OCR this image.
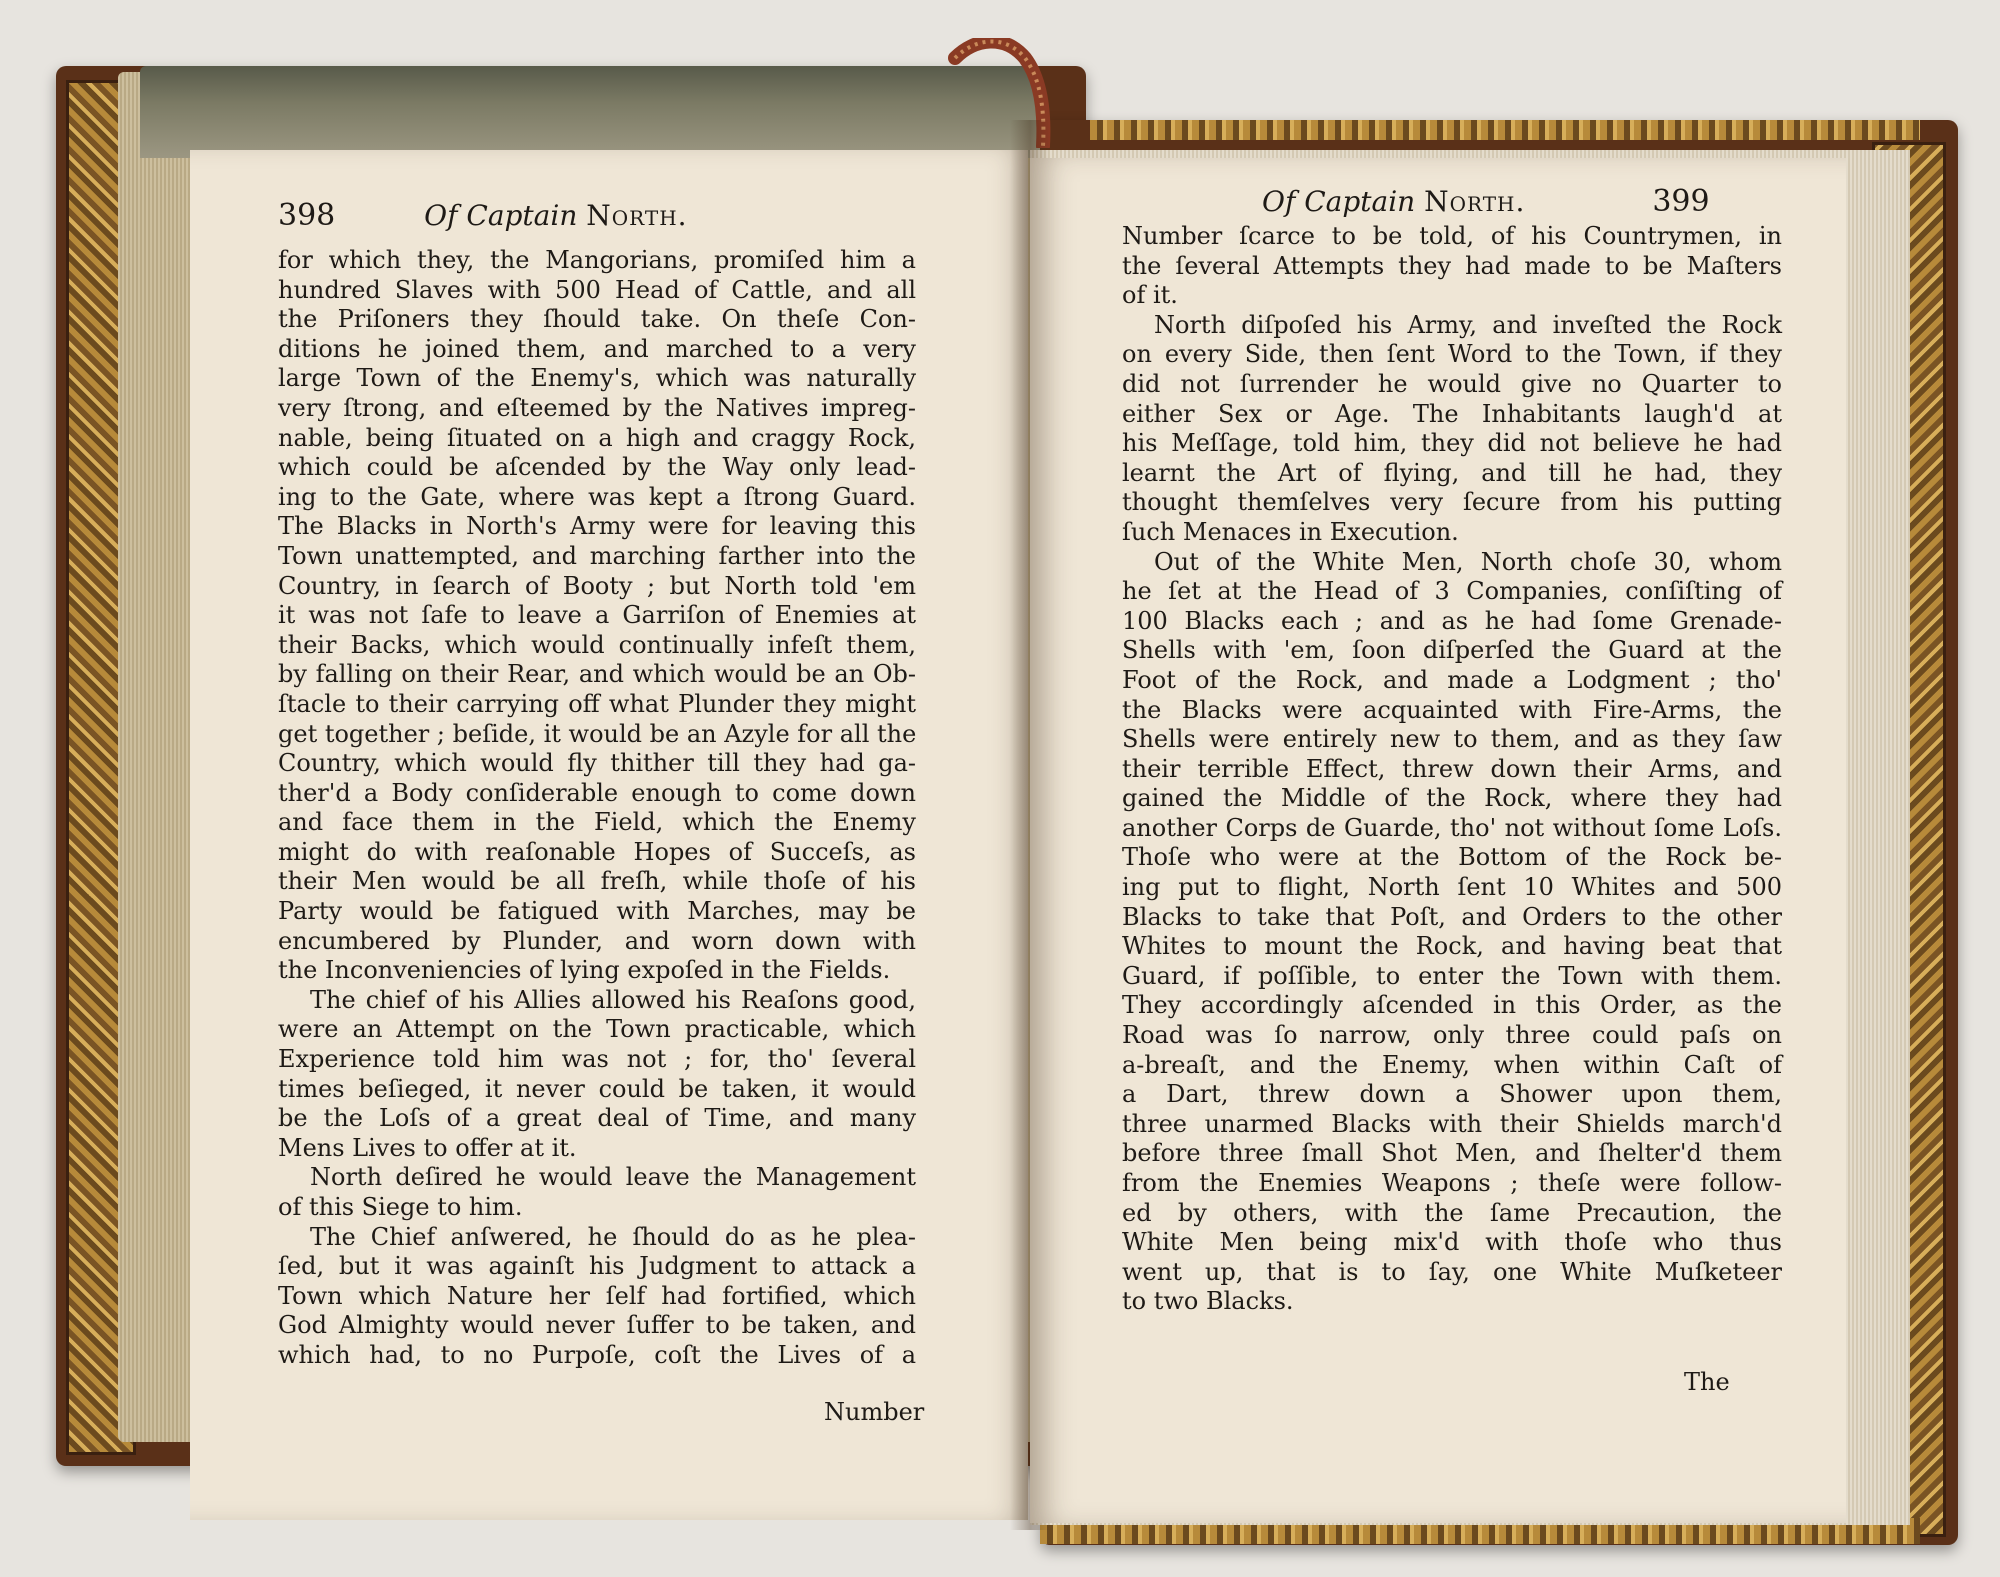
398	Of Captain North.
for which they, the Mangorians, promiſed him a
hundred Slaves with 500 Head of Cattle, and all
the Priſoners they ſhould take. On theſe Con-
ditions he joined them, and marched to a very
large Town of the Enemy's, which was naturally
very ſtrong, and eſteemed by the Natives impreg-
nable, being ſituated on a high and craggy Rock,
which could be aſcended by the Way only lead-
ing to the Gate, where was kept a ſtrong Guard.
The Blacks in North's Army were for leaving this
Town unattempted, and marching farther into the
Country, in ſearch of Booty ; but North told 'em
it was not ſafe to leave a Garriſon of Enemies at
their Backs, which would continually infeſt them,
by falling on their Rear, and which would be an Ob-
ſtacle to their carrying off what Plunder they might
get together ; beſide, it would be an Azyle for all the
Country, which would fly thither till they had ga-
ther'd a Body conſiderable enough to come down
and face them in the Field, which the Enemy
might do with reaſonable Hopes of Succeſs, as
their Men would be all freſh, while thoſe of his
Party would be fatigued with Marches, may be
encumbered by Plunder, and worn down with
the Inconveniencies of lying expoſed in the Fields.
The chief of his Allies allowed his Reaſons good,
were an Attempt on the Town practicable, which
Experience told him was not ; for, tho' ſeveral
times beſieged, it never could be taken, it would
be the Loſs of a great deal of Time, and many
Mens Lives to offer at it.
North deſired he would leave the Management
of this Siege to him.
The Chief anſwered, he ſhould do as he plea-
ſed, but it was againſt his Judgment to attack a
Town which Nature her ſelf had fortified, which
God Almighty would never ſuffer to be taken, and
which had, to no Purpoſe, coſt the Lives of a
Number
Of Captain North.	399
Number ſcarce to be told, of his Countrymen, in
the ſeveral Attempts they had made to be Maſters
of it.
North diſpoſed his Army, and inveſted the Rock
on every Side, then ſent Word to the Town, if they
did not ſurrender he would give no Quarter to
either Sex or Age. The Inhabitants laugh'd at
his Meſſage, told him, they did not believe he had
learnt the Art of flying, and till he had, they
thought themſelves very ſecure from his putting
ſuch Menaces in Execution.
Out of the White Men, North choſe 30, whom
he ſet at the Head of 3 Companies, conſiſting of
100 Blacks each ; and as he had ſome Grenade-
Shells with 'em, ſoon diſperſed the Guard at the
Foot of the Rock, and made a Lodgment ; tho'
the Blacks were acquainted with Fire-Arms, the
Shells were entirely new to them, and as they ſaw
their terrible Effect, threw down their Arms, and
gained the Middle of the Rock, where they had
another Corps de Guarde, tho' not without ſome Loſs.
Thoſe who were at the Bottom of the Rock be-
ing put to flight, North ſent 10 Whites and 500
Blacks to take that Poſt, and Orders to the other
Whites to mount the Rock, and having beat that
Guard, if poſſible, to enter the Town with them.
They accordingly aſcended in this Order, as the
Road was ſo narrow, only three could paſs on
a-breaſt, and the Enemy, when within Caſt of
a Dart, threw down a Shower upon them,
three unarmed Blacks with their Shields march'd
before three ſmall Shot Men, and ſhelter'd them
from the Enemies Weapons ; theſe were follow-
ed by others, with the ſame Precaution, the
White Men being mix'd with thoſe who thus
went up, that is to ſay, one White Muſketeer
to two Blacks.
The
